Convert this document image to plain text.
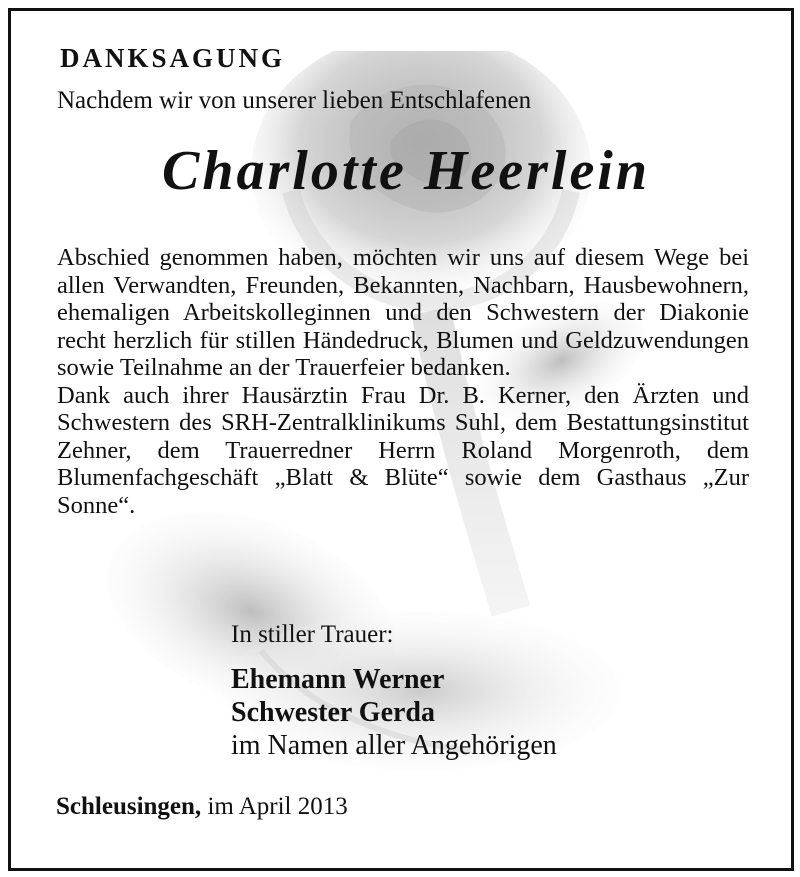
DANKSAGUNG

Nachdem wir von unserer lieben Entschlafenen

Charlotte Heerlein

Abschied genommen haben, möchten wir uns auf diesem Wege bei allen Verwandten, Freunden, Bekannten, Nachbarn, Hausbewohnern, ehemaligen Arbeitskolleginnen und den Schwestern der Diakonie recht herzlich für stillen Händedruck, Blumen und Geldzuwendungen sowie Teilnahme an der Trauerfeier bedanken.

Dank auch ihrer Hausärztin Frau Dr. B. Kerner, den Ärzten und Schwestern des SRH-Zentralklinikums Suhl, dem Bestattungsinstitut Zehner, dem Trauerredner Herrn Roland Morgenroth, dem Blumenfachgeschäft „Blatt & Blüte“ sowie dem Gasthaus „Zur Sonne“.

In stiller Trauer:

Ehemann Werner

Schwester Gerda

im Namen aller Angehörigen

Schleusingen, im April 2013
